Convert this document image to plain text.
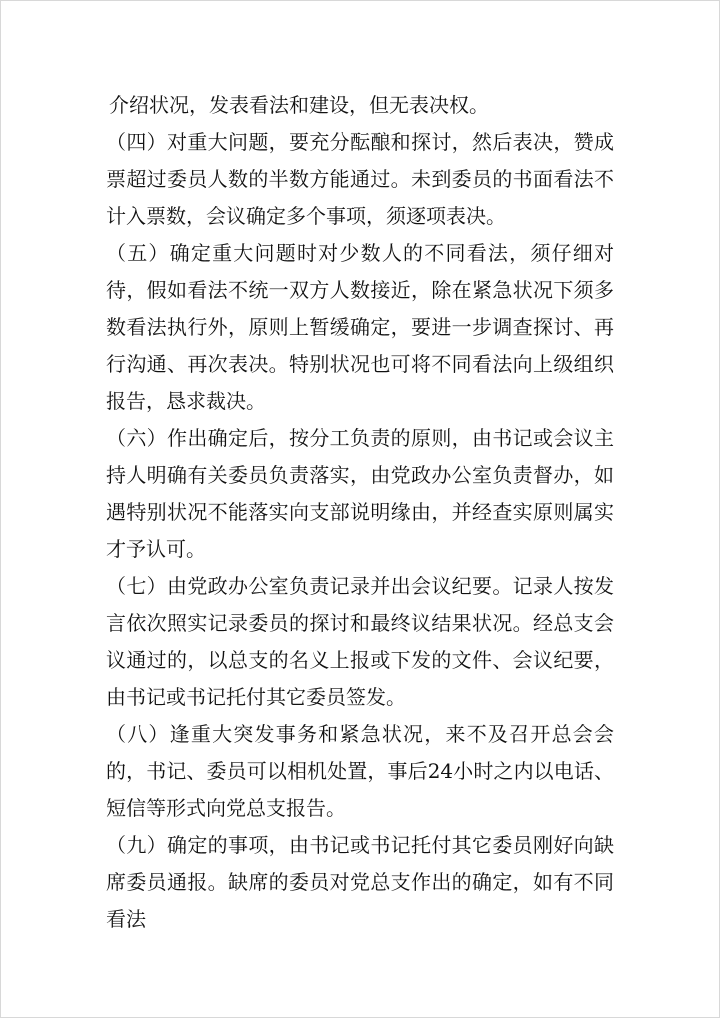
介绍状况，发表看法和建设，但无表决权。

（四）对重大问题，要充分酝酿和探讨，然后表决，赞成票超过委员人数的半数方能通过。未到委员的书面看法不计入票数，会议确定多个事项，须逐项表决。

（五）确定重大问题时对少数人的不同看法，须仔细对待，假如看法不统一双方人数接近，除在紧急状况下须多数看法执行外，原则上暂缓确定，要进一步调查探讨、再行沟通、再次表决。特别状况也可将不同看法向上级组织报告，恳求裁决。

（六）作出确定后，按分工负责的原则，由书记或会议主持人明确有关委员负责落实，由党政办公室负责督办，如遇特别状况不能落实向支部说明缘由，并经查实原则属实才予认可。

（七）由党政办公室负责记录并出会议纪要。记录人按发言依次照实记录委员的探讨和最终议结果状况。经总支会议通过的，以总支的名义上报或下发的文件、会议纪要，由书记或书记托付其它委员签发。

（八）逢重大突发事务和紧急状况，来不及召开总会会的，书记、委员可以相机处置，事后24小时之内以电话、短信等形式向党总支报告。

（九）确定的事项，由书记或书记托付其它委员刚好向缺席委员通报。缺席的委员对党总支作出的确定，如有不同看法
